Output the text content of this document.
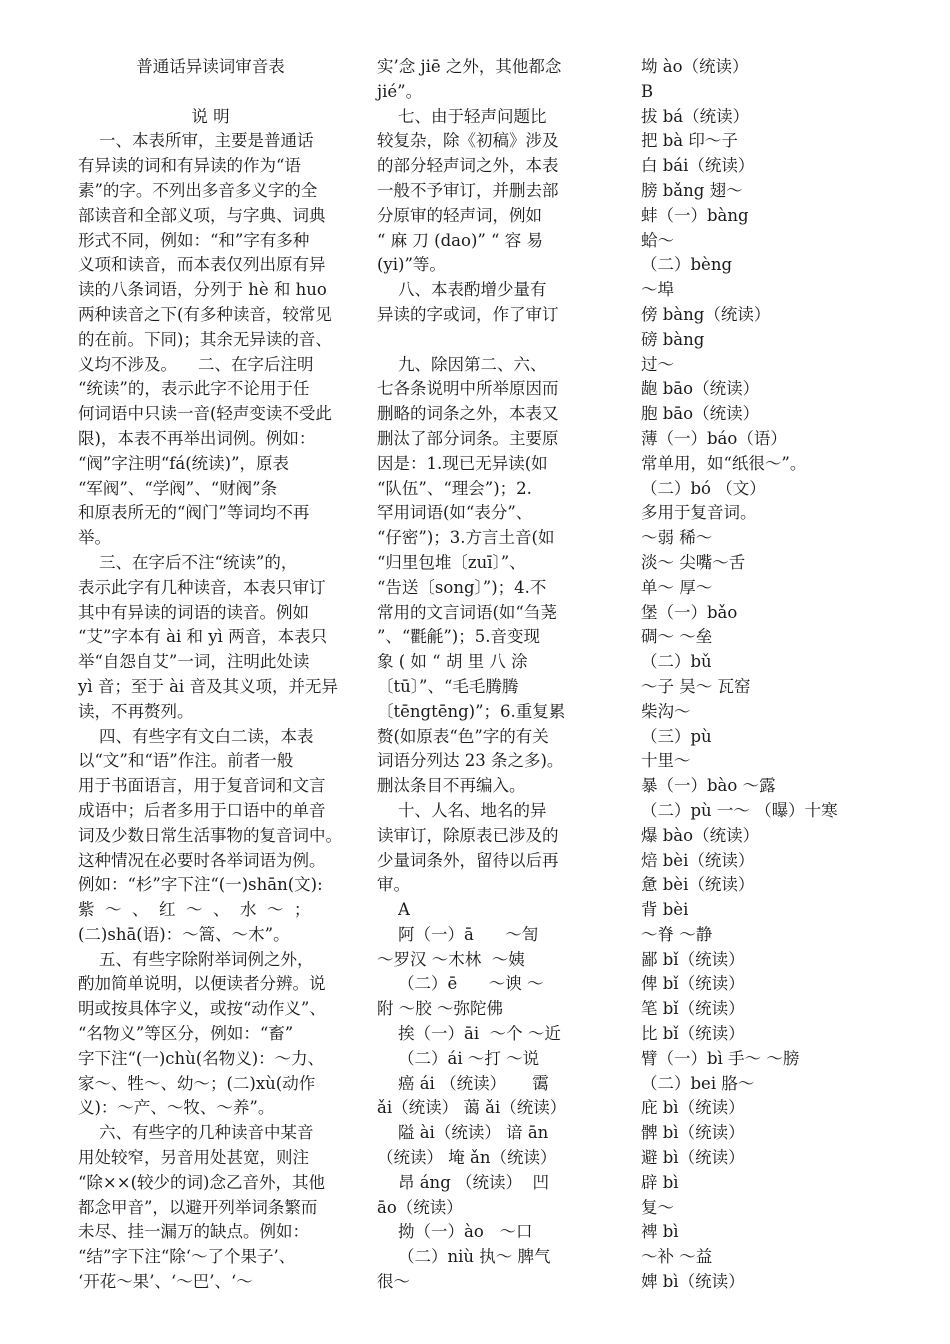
普通话异读词审音表
说 明
一、本表所审，主要是普通话
有异读的词和有异读的作为“语
素”的字。不列出多音多义字的全
部读音和全部义项，与字典、词典
形式不同，例如：“和”字有多种
义项和读音，而本表仅列出原有异
读的八条词语，分列于 hè 和 huo
两种读音之下(有多种读音，较常见
的在前。下同)；其余无异读的音、
义均不涉及。    二、在字后注明
“统读”的，表示此字不论用于任
何词语中只读一音(轻声变读不受此
限)，本表不再举出词例。例如：
“阀”字注明“fá(统读)”，原表
“军阀”、“学阀”、“财阀”条
和原表所无的“阀门”等词均不再
举。
三、在字后不注“统读”的，
表示此字有几种读音，本表只审订
其中有异读的词语的读音。例如
“艾”字本有 ài 和 yì 两音，本表只
举“自怨自艾”一词，注明此处读
yì 音；至于 ài 音及其义项，并无异
读，不再赘列。
四、有些字有文白二读，本表
以“文”和“语”作注。前者一般
用于书面语言，用于复音词和文言
成语中；后者多用于口语中的单音
词及少数日常生活事物的复音词中。
这种情况在必要时各举词语为例。
例如：“杉”字下注“(一)shān(文):
紫  ～  、  红  ～  、  水  ～  ；
(二)shā(语)：～篙、～木”。
五、有些字除附举词例之外，
酌加简单说明，以便读者分辨。说
明或按具体字义，或按“动作义”、
“名物义”等区分，例如：“畜”
字下注“(一)chù(名物义)：～力、
家～、牲～、幼～；(二)xù(动作
义)：～产、～牧、～养”。
六、有些字的几种读音中某音
用处较窄，另音用处甚宽，则注
“除××(较少的词)念乙音外，其他
都念甲音”，以避开列举词条繁而
未尽、挂一漏万的缺点。例如：
“结”字下注“除‘～了个果子’、
‘开花～果’、‘～巴’、‘～
实’念 jiē 之外，其他都念
jié”。
七、由于轻声问题比
较复杂，除《初稿》涉及
的部分轻声词之外，本表
一般不予审订，并删去部
分原审的轻声词，例如
“ 麻 刀 (dao)” “ 容 易
(yi)”等。
八、本表酌增少量有
异读的字或词，作了审订
九、除因第二、六、
七各条说明中所举原因而
删略的词条之外，本表又
删汰了部分词条。主要原
因是：1.现已无异读(如
“队伍”、“理会”)；2.
罕用词语(如“表分”、
“仔密”)；3.方言土音(如
“归里包堆〔zuī〕”、
“告送〔song〕”)；4.不
常用的文言词语(如“刍荛
”、“氍毹”)；5.音变现
象 ( 如 “ 胡 里 八 涂
〔tū〕”、“毛毛腾腾
〔tēngtēng)”；6.重复累
赘(如原表“色”字的有关
词语分列达 23 条之多)。
删汰条目不再编入。
十、人名、地名的异
读审订，除原表已涉及的
少量词条外，留待以后再
审。
A
阿（一）ā      ～訇
～罗汉 ～木林  ～姨
（二）ē      ～谀 ～
附 ～胶 ～弥陀佛
挨（一）āi  ～个 ～近
（二）ái ～打 ～说
癌 ái （统读）     霭
ǎi（统读） 蔼 ǎi（统读）
隘 ài（统读） 谙 ān
（统读） 埯 ǎn（统读）
昂 áng （统读）  凹
āo（统读）
拗（一）ào   ～口
（二）niù 执～ 脾气
很～
坳 ào（统读）
B
拔 bá（统读）
把 bà 印～子
白 bái（统读）
膀 bǎng 翅～
蚌（一）bàng
蛤～
（二）bèng
～埠
傍 bàng（统读）
磅 bàng
过～
龅 bāo（统读）
胞 bāo（统读）
薄（一）báo（语）
常单用，如“纸很～”。
（二）bó （文）
多用于复音词。
～弱 稀～
淡～ 尖嘴～舌
单～ 厚～
堡（一）bǎo
碉～ ～垒
（二）bǔ
～子 吴～ 瓦窑
柴沟～
（三）pù
十里～
暴（一）bào ～露
（二）pù 一～ （曝）十寒
爆 bào（统读）
焙 bèi（统读）
惫 bèi（统读）
背 bèi
～脊 ～静
鄙 bǐ（统读）
俾 bǐ（统读）
笔 bǐ（统读）
比 bǐ（统读）
臂（一）bì 手～ ～膀
（二）bei 胳～
庇 bì（统读）
髀 bì（统读）
避 bì（统读）
辟 bì
复～
裨 bì
～补 ～益
婢 bì（统读）
